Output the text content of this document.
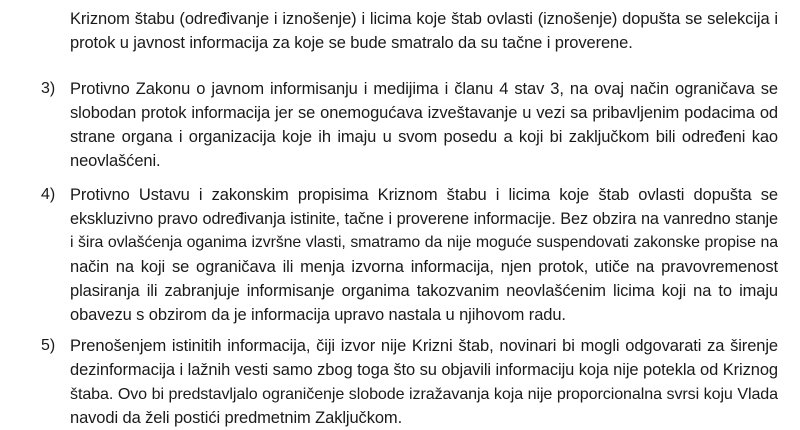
Kriznom štabu (određivanje i iznošenje) i licima koje štab ovlasti (iznošenje) dopušta se selekcija i
protok u javnost informacija za koje se bude smatralo da su tačne i proverene.
3) Protivno Zakonu o javnom informisanju i medijima i članu 4 stav 3, na ovaj način ograničava se
slobodan protok informacija jer se onemogućava izveštavanje u vezi sa pribavljenim podacima od
strane organa i organizacija koje ih imaju u svom posedu a koji bi zaključkom bili određeni kao
neovlašćeni.
4) Protivno Ustavu i zakonskim propisima Kriznom štabu i licima koje štab ovlasti dopušta se
ekskluzivno pravo određivanja istinite, tačne i proverene informacije. Bez obzira na vanredno stanje
i šira ovlašćenja oganima izvršne vlasti, smatramo da nije moguće suspendovati zakonske propise na
način na koji se ograničava ili menja izvorna informacija, njen protok, utiče na pravovremenost
plasiranja ili zabranjuje informisanje organima takozvanim neovlašćenim licima koji na to imaju
obavezu s obzirom da je informacija upravo nastala u njihovom radu.
5) Prenošenjem istinitih informacija, čiji izvor nije Krizni štab, novinari bi mogli odgovarati za širenje
dezinformacija i lažnih vesti samo zbog toga što su objavili informaciju koja nije potekla od Kriznog
štaba. Ovo bi predstavljalo ograničenje slobode izražavanja koja nije proporcionalna svrsi koju Vlada
navodi da želi postići predmetnim Zaključkom.
